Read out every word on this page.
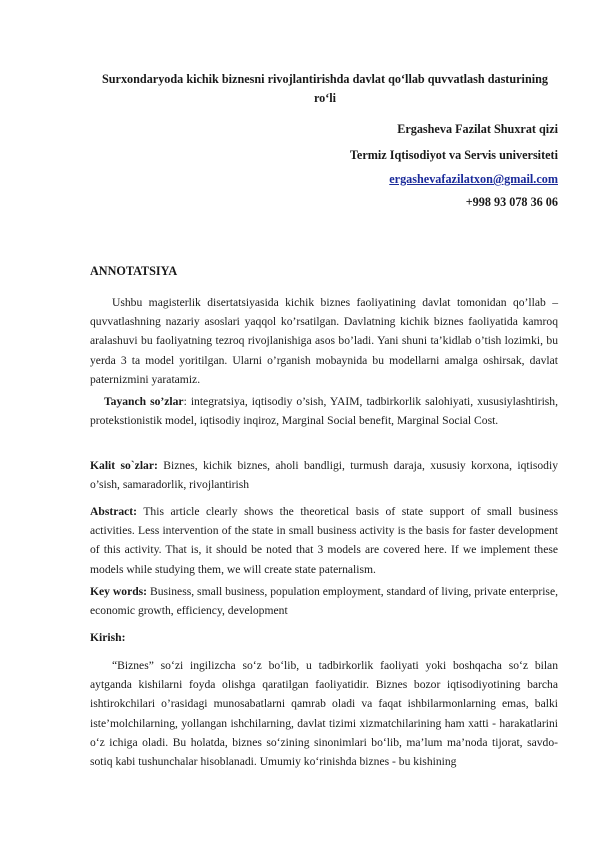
Surxondaryoda kichik biznesni rivojlantirishda davlat qo‘llab quvvatlash dasturining ro‘li
Ergasheva Fazilat Shuxrat qizi
Termiz Iqtisodiyot va Servis universiteti
ergashevafazilatxon@gmail.com
+998 93 078 36 06
ANNOTATSIYA
Ushbu magisterlik disertatsiyasida kichik biznes faoliyatining davlat tomonidan qo’llab – quvvatlashning nazariy asoslari yaqqol ko’rsatilgan. Davlatning kichik biznes faoliyatida kamroq aralashuvi bu faoliyatning tezroq rivojlanishiga asos bo’ladi. Yani shuni ta’kidlab o’tish lozimki, bu yerda 3 ta model yoritilgan. Ularni o’rganish mobaynida bu modellarni amalga oshirsak, davlat paternizmini yaratamiz.
Tayanch so’zlar: integratsiya, iqtisodiy o’sish, YAIM, tadbirkorlik salohiyati, xususiylashtirish, protekstionistik model, iqtisodiy inqiroz, Marginal Social benefit, Marginal Social Cost.
Kalit so`zlar: Biznes, kichik biznes, aholi bandligi, turmush daraja, xususiy korxona, iqtisodiy o’sish, samaradorlik, rivojlantirish
Abstract: This article clearly shows the theoretical basis of state support of small business activities. Less intervention of the state in small business activity is the basis for faster development of this activity. That is, it should be noted that 3 models are covered here. If we implement these models while studying them, we will create state paternalism.
Key words: Business, small business, population employment, standard of living, private enterprise, economic growth, efficiency, development
Kirish:
“Biznes” so‘zi ingilizcha so‘z bo‘lib, u tadbirkorlik faoliyati yoki boshqacha so‘z bilan aytganda kishilarni foyda olishga qaratilgan faoliyatidir. Biznes bozor iqtisodiyotining barcha ishtirokchilari o’rasidagi munosabatlarni qamrab oladi va faqat ishbilarmonlarning emas, balki iste’molchilarning, yollangan ishchilarning, davlat tizimi xizmatchilarining ham xatti - harakatlarini o‘z ichiga oladi. Bu holatda, biznes so‘zining sinonimlari bo‘lib, ma’lum ma’noda tijorat, savdo-sotiq kabi tushunchalar hisoblanadi. Umumiy ko‘rinishda biznes - bu kishining
